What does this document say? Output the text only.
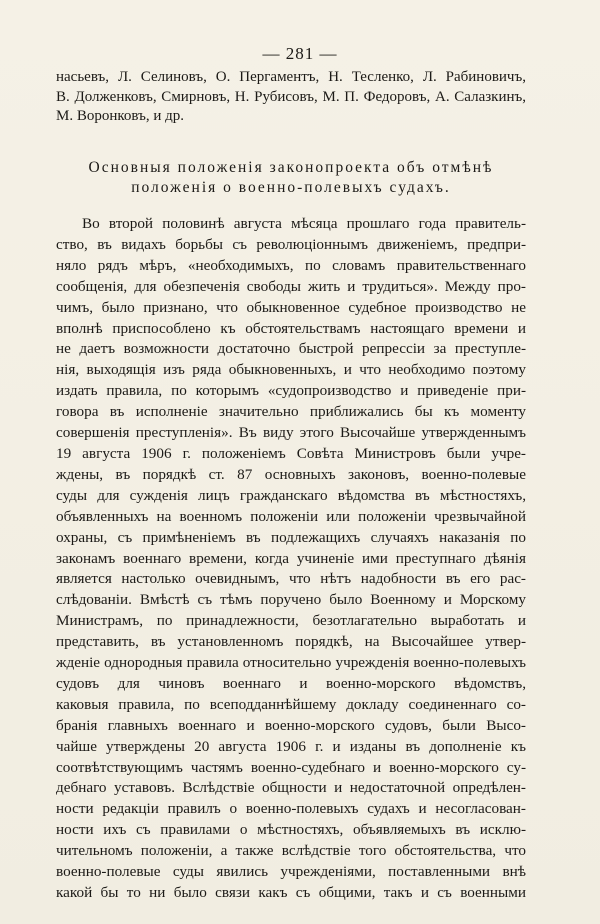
— 281 —
насьевъ, Л. Селиновъ, О. Пергаментъ, Н. Тесленко, Л. Рабиновичъ,
В. Долженковъ, Смирновъ, Н. Рубисовъ, М. П. Федоровъ, А. Салазкинъ,
М. Воронковъ, и др.
Основныя положенія законопроекта объ отмѣнѣ
положенія о военно-полевыхъ судахъ.
Во второй половинѣ августа мѣсяца прошлаго года правитель-
ство, въ видахъ борьбы съ революціоннымъ движеніемъ, предпри-
няло рядъ мѣръ, «необходимыхъ, по словамъ правительственнаго
сообщенія, для обезпеченія свободы жить и трудиться». Между про-
чимъ, было признано, что обыкновенное судебное производство не
вполнѣ приспособлено къ обстоятельствамъ настоящаго времени и
не даетъ возможности достаточно быстрой репрессіи за преступле-
нія, выходящія изъ ряда обыкновенныхъ, и что необходимо поэтому
издать правила, по которымъ «судопроизводство и приведеніе при-
говора въ исполненіе значительно приближались бы къ моменту
совершенія преступленія». Въ виду этого Высочайше утвержденнымъ
19 августа 1906 г. положеніемъ Совѣта Министровъ были учре-
ждены, въ порядкѣ ст. 87 основныхъ законовъ, военно-полевые
суды для сужденія лицъ гражданскаго вѣдомства въ мѣстностяхъ,
объявленныхъ на военномъ положеніи или положеніи чрезвычайной
охраны, съ примѣненіемъ въ подлежащихъ случаяхъ наказанія по
законамъ военнаго времени, когда учиненіе ими преступнаго дѣянія
является настолько очевиднымъ, что нѣтъ надобности въ его рас-
слѣдованіи. Вмѣстѣ съ тѣмъ поручено было Военному и Морскому
Министрамъ, по принадлежности, безотлагательно выработать и
представить, въ установленномъ порядкѣ, на Высочайшее утвер-
жденіе однородныя правила относительно учрежденія военно-полевыхъ
судовъ для чиновъ военнаго и военно-морского вѣдомствъ,
каковыя правила, по всеподданнѣйшему докладу соединеннаго со-
бранія главныхъ военнаго и военно-морского судовъ, были Высо-
чайше утверждены 20 августа 1906 г. и изданы въ дополненіе къ
соотвѣтствующимъ частямъ военно-судебнаго и военно-морского су-
дебнаго уставовъ. Вслѣдствіе общности и недостаточной опредѣлен-
ности редакціи правилъ о военно-полевыхъ судахъ и несогласован-
ности ихъ съ правилами о мѣстностяхъ, объявляемыхъ въ исклю-
чительномъ положеніи, а также вслѣдствіе того обстоятельства, что
военно-полевые суды явились учрежденіями, поставленными внѣ
какой бы то ни было связи какъ съ общими, такъ и съ военными
